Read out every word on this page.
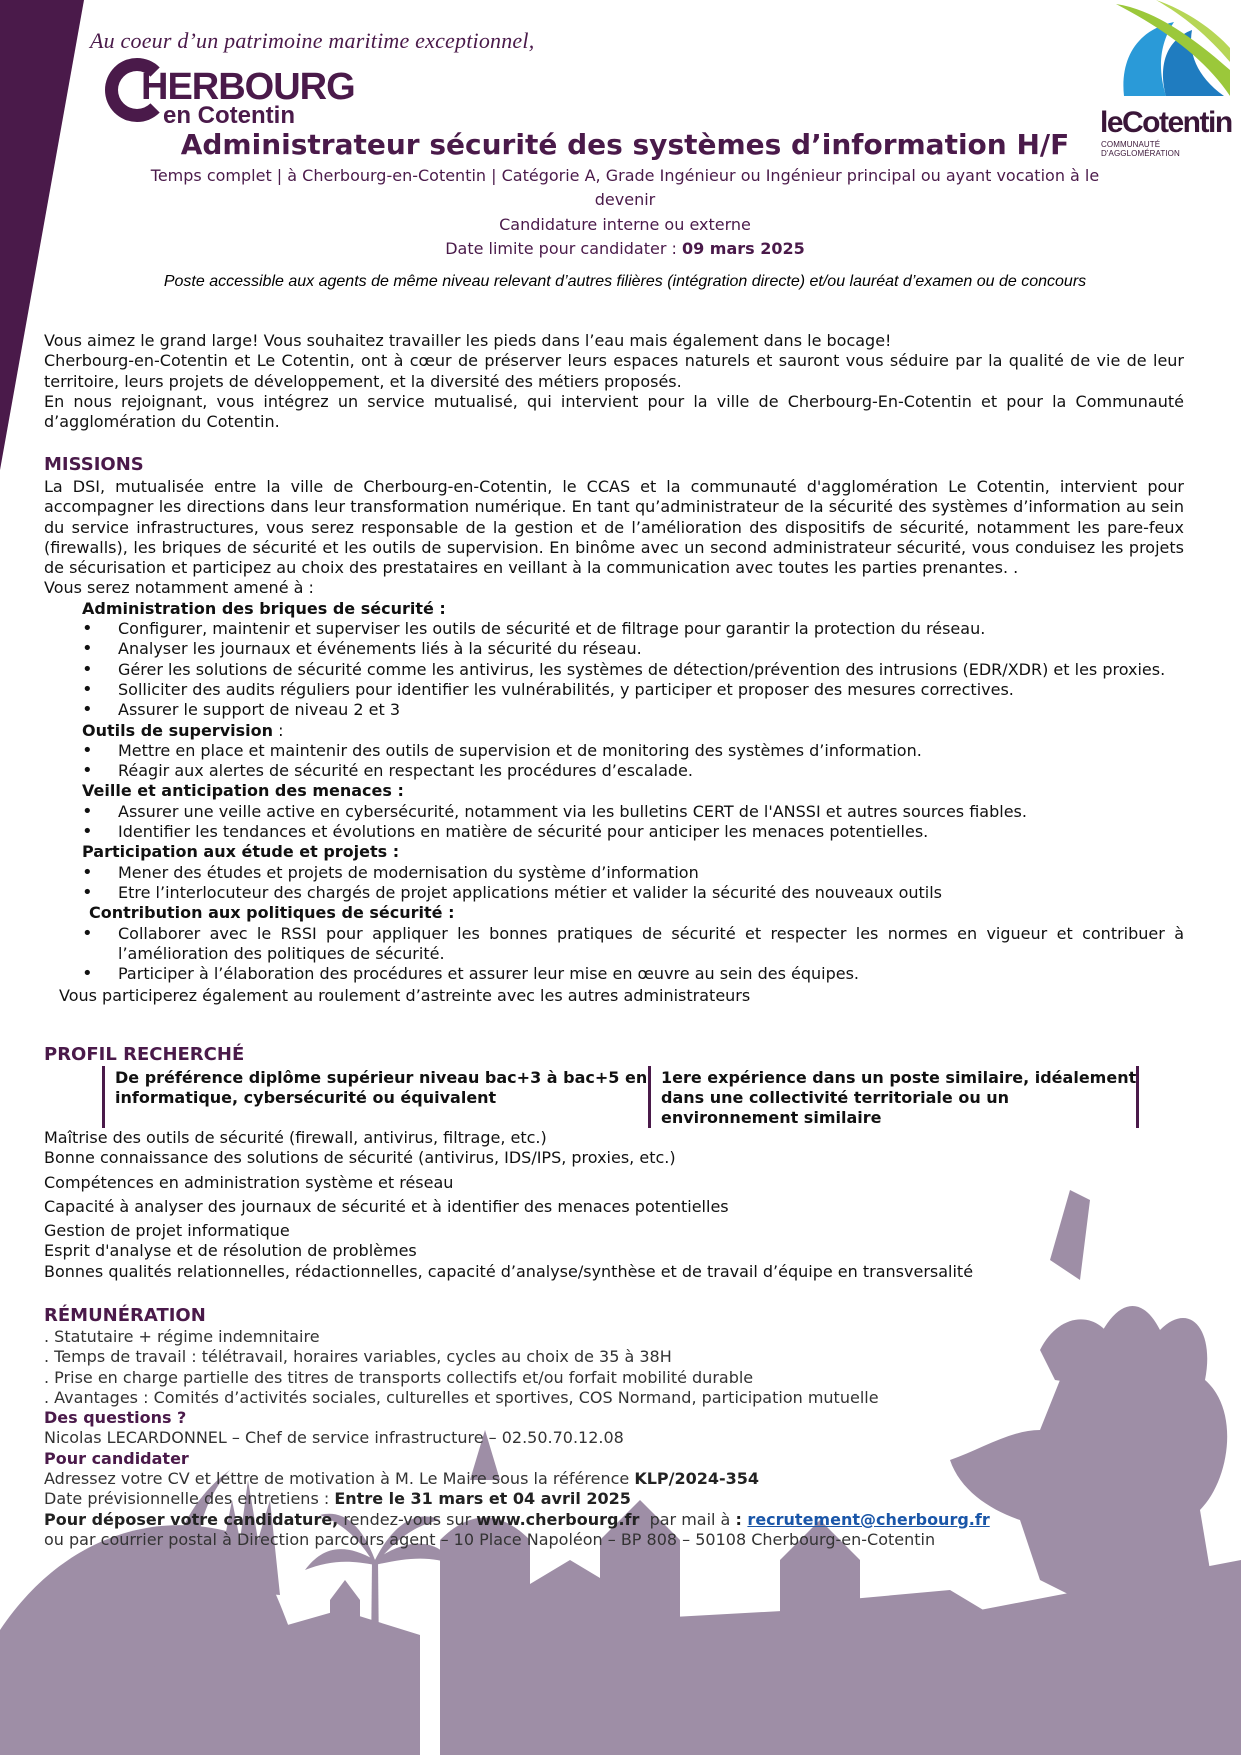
Au coeur d’un patrimoine maritime exceptionnel,
HERBOURG
en Cotentin	leCotentin
COMMUNAUTÉ D'AGGLOMÉRATION
Administrateur sécurité des systèmes d’information H/F
Temps complet | à Cherbourg-en-Cotentin | Catégorie A, Grade Ingénieur ou Ingénieur principal ou ayant vocation à le devenir
Candidature interne ou externe
Date limite pour candidater : 09 mars 2025
Poste accessible aux agents de même niveau relevant d’autres filières (intégration directe) et/ou lauréat d’examen ou de concours
Vous aimez le grand large! Vous souhaitez travailler les pieds dans l’eau mais également dans le bocage!
Cherbourg-en-Cotentin et Le Cotentin, ont à cœur de préserver leurs espaces naturels et sauront vous séduire par la qualité de vie de leur territoire, leurs projets de développement, et la diversité des métiers proposés.
En nous rejoignant, vous intégrez un service mutualisé, qui intervient pour la ville de Cherbourg-En-Cotentin et pour la Communauté d’agglomération du Cotentin.
MISSIONS
La DSI, mutualisée entre la ville de Cherbourg-en-Cotentin, le CCAS et la communauté d'agglomération Le Cotentin, intervient pour accompagner les directions dans leur transformation numérique. En tant qu’administrateur de la sécurité des systèmes d’information au sein du service infrastructures, vous serez responsable de la gestion et de l’amélioration des dispositifs de sécurité, notamment les pare-feux (firewalls), les briques de sécurité et les outils de supervision. En binôme avec un second administrateur sécurité, vous conduisez les projets de sécurisation et participez au choix des prestataires en veillant à la communication avec toutes les parties prenantes. .
Vous serez notamment amené à :
Administration des briques de sécurité :
• Configurer, maintenir et superviser les outils de sécurité et de filtrage pour garantir la protection du réseau.
• Analyser les journaux et événements liés à la sécurité du réseau.
• Gérer les solutions de sécurité comme les antivirus, les systèmes de détection/prévention des intrusions (EDR/XDR) et les proxies.
• Solliciter des audits réguliers pour identifier les vulnérabilités, y participer et proposer des mesures correctives.
• Assurer le support de niveau 2 et 3
Outils de supervision :
• Mettre en place et maintenir des outils de supervision et de monitoring des systèmes d’information.
• Réagir aux alertes de sécurité en respectant les procédures d’escalade.
Veille et anticipation des menaces :
• Assurer une veille active en cybersécurité, notamment via les bulletins CERT de l'ANSSI et autres sources fiables.
• Identifier les tendances et évolutions en matière de sécurité pour anticiper les menaces potentielles.
Participation aux étude et projets :
• Mener des études et projets de modernisation du système d’information
• Etre l’interlocuteur des chargés de projet applications métier et valider la sécurité des nouveaux outils
Contribution aux politiques de sécurité :
• Collaborer avec le RSSI pour appliquer les bonnes pratiques de sécurité et respecter les normes en vigueur et contribuer à l’amélioration des politiques de sécurité.
• Participer à l’élaboration des procédures et assurer leur mise en œuvre au sein des équipes.
Vous participerez également au roulement d’astreinte avec les autres administrateurs
PROFIL RECHERCHÉ
De préférence diplôme supérieur niveau bac+3 à bac+5 en informatique, cybersécurité ou équivalent
1ere expérience dans un poste similaire, idéalement dans une collectivité territoriale ou un environnement similaire
Maîtrise des outils de sécurité (firewall, antivirus, filtrage, etc.)
Bonne connaissance des solutions de sécurité (antivirus, IDS/IPS, proxies, etc.)
Compétences en administration système et réseau
Capacité à analyser des journaux de sécurité et à identifier des menaces potentielles
Gestion de projet informatique
Esprit d'analyse et de résolution de problèmes
Bonnes qualités relationnelles, rédactionnelles, capacité d’analyse/synthèse et de travail d’équipe en transversalité
RÉMUNÉRATION
. Statutaire + régime indemnitaire
. Temps de travail : télétravail, horaires variables, cycles au choix de 35 à 38H
. Prise en charge partielle des titres de transports collectifs et/ou forfait mobilité durable
. Avantages : Comités d’activités sociales, culturelles et sportives, COS Normand, participation mutuelle
Des questions ?
Nicolas LECARDONNEL – Chef de service infrastructure – 02.50.70.12.08
Pour candidater
Adressez votre CV et lettre de motivation à M. Le Maire sous la référence KLP/2024-354
Date prévisionnelle des entretiens : Entre le 31 mars et 04 avril 2025
Pour déposer votre candidature, rendez-vous sur www.cherbourg.fr  par mail à : recrutement@cherbourg.fr
ou par courrier postal à Direction parcours agent – 10 Place Napoléon – BP 808 – 50108 Cherbourg-en-Cotentin
